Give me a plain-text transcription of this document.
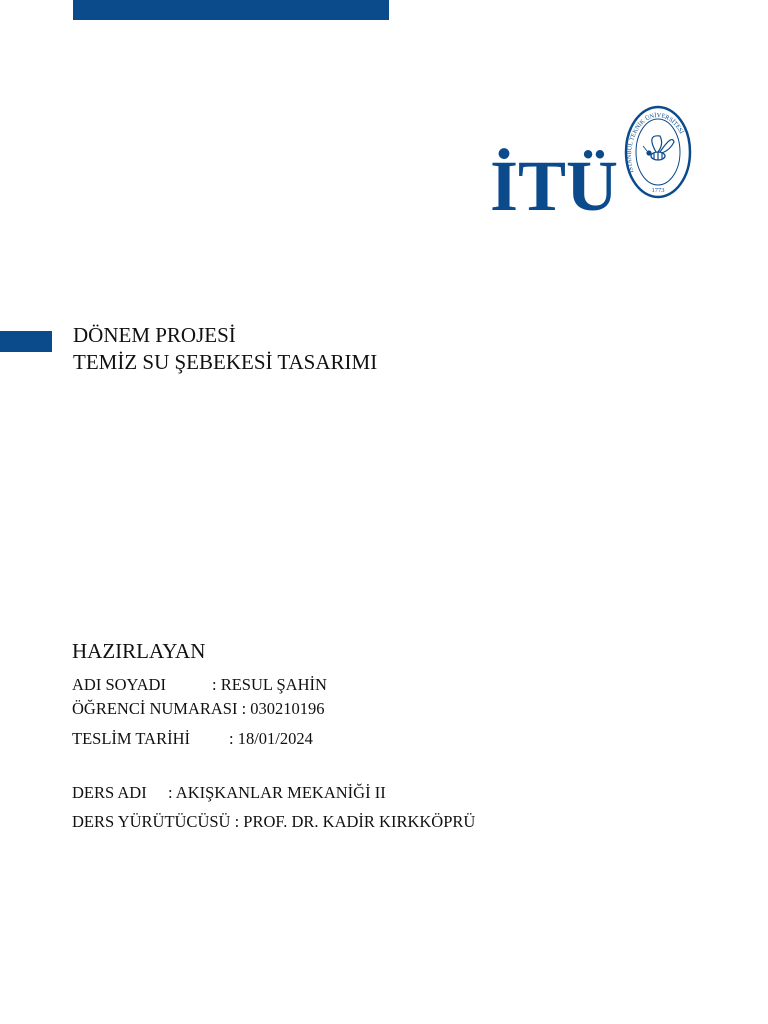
İTÜ	İSTANBUL TEKNİK ÜNİVERSİTESİ
1773
DÖNEM PROJESİ
TEMİZ SU ŞEBEKESİ TASARIMI
HAZIRLAYAN
ADI SOYADI	: RESUL ŞAHİN
ÖĞRENCİ NUMARASI : 030210196
TESLİM TARİHİ : 18/01/2024
DERS ADI : AKIŞKANLAR MEKANİĞİ II
DERS YÜRÜTÜCÜSÜ : PROF. DR. KADİR KIRKKÖPRÜ
